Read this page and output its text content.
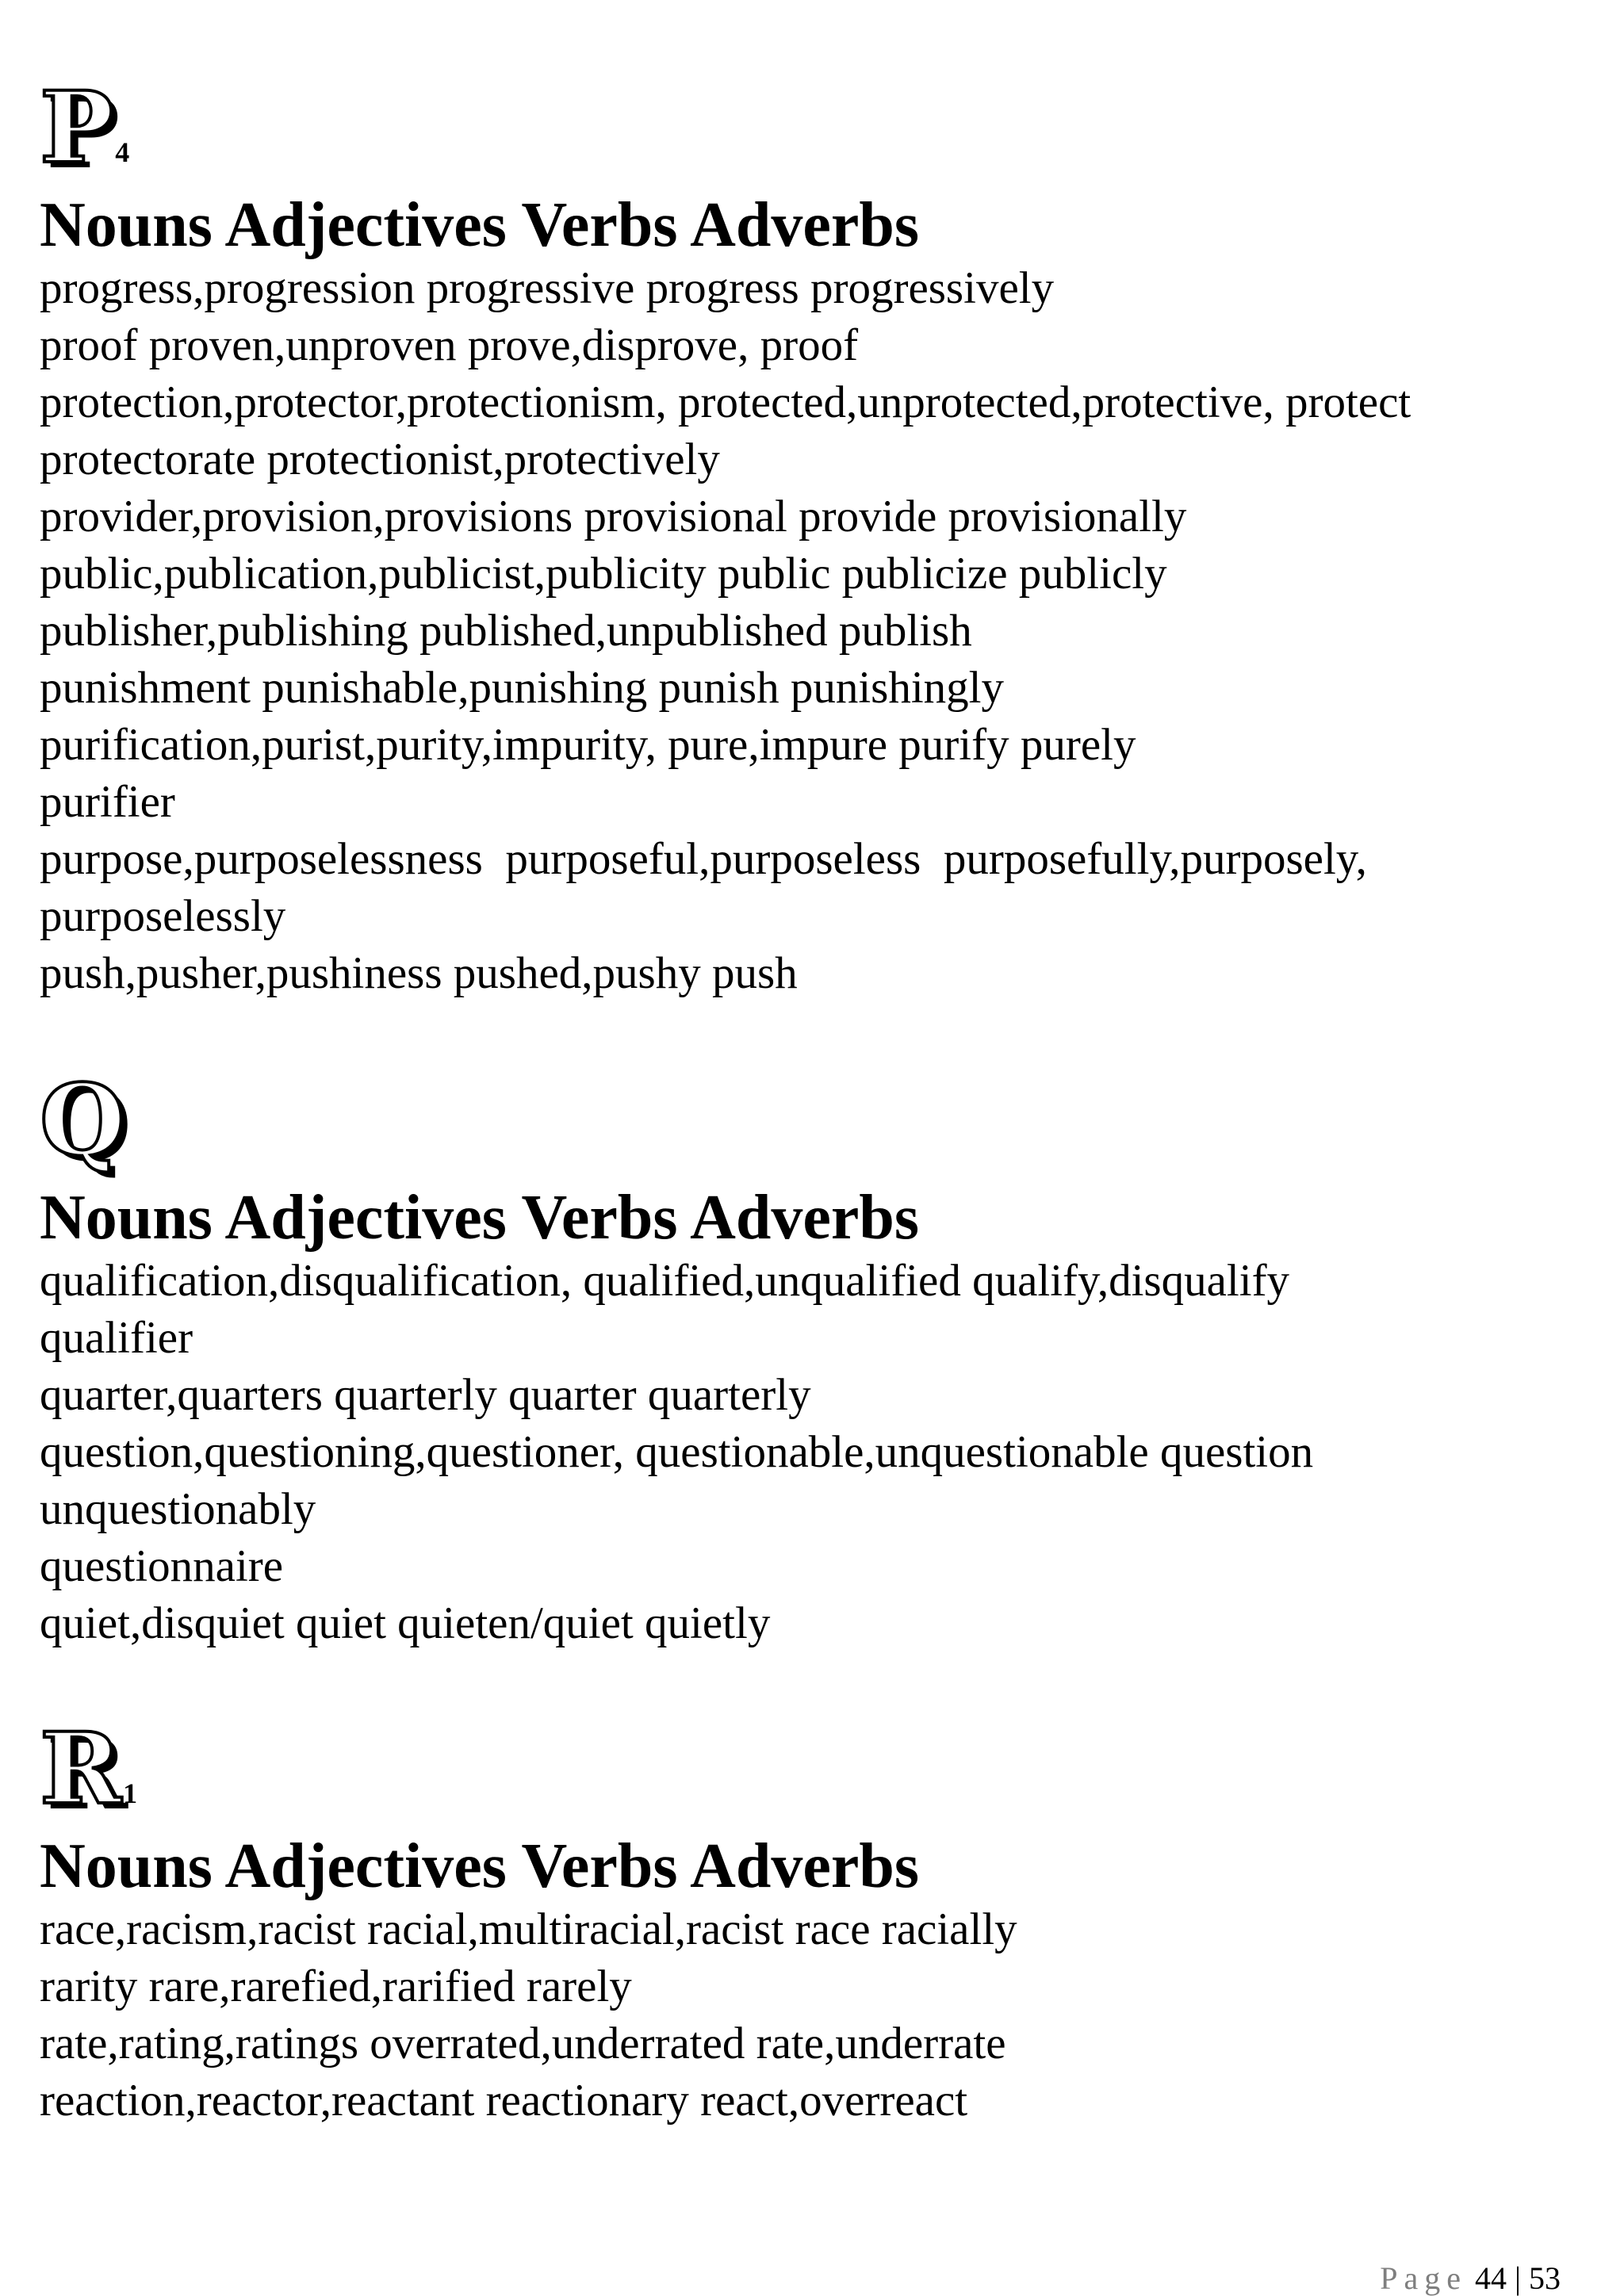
P4
Nouns Adjectives Verbs Adverbs
progress,progression progressive progress progressively
proof proven,unproven prove,disprove, proof
protection,protector,protectionism, protected,unprotected,protective, protect
protectorate protectionist,protectively
provider,provision,provisions provisional provide provisionally
public,publication,publicist,publicity public publicize publicly
publisher,publishing published,unpublished publish
punishment punishable,punishing punish punishingly
purification,purist,purity,impurity, pure,impure purify purely
purifier
purpose,purposelessness  purposeful,purposeless  purposefully,purposely,
purposelessly
push,pusher,pushiness pushed,pushy push
Q
Nouns Adjectives Verbs Adverbs
qualification,disqualification, qualified,unqualified qualify,disqualify
qualifier
quarter,quarters quarterly quarter quarterly
question,questioning,questioner, questionable,unquestionable question
unquestionably
questionnaire
quiet,disquiet quiet quieten/quiet quietly
R1
Nouns Adjectives Verbs Adverbs
race,racism,racist racial,multiracial,racist race racially
rarity rare,rarefied,rarified rarely
rate,rating,ratings overrated,underrated rate,underrate
reaction,reactor,reactant reactionary react,overreact
Page 44 | 53
